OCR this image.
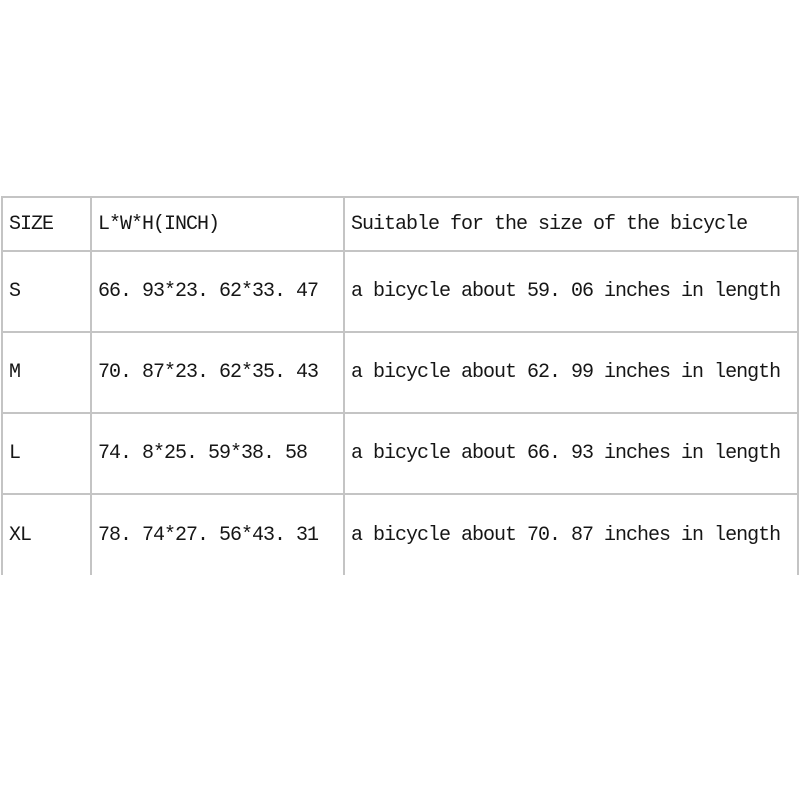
SIZE	L*W*H(INCH)	Suitable for the size of the bicycle
S	66. 93*23. 62*33. 47	a bicycle about 59. 06 inches in length
M	70. 87*23. 62*35. 43	a bicycle about 62. 99 inches in length
L	74. 8*25. 59*38. 58	a bicycle about 66. 93 inches in length
XL	78. 74*27. 56*43. 31	a bicycle about 70. 87 inches in length
